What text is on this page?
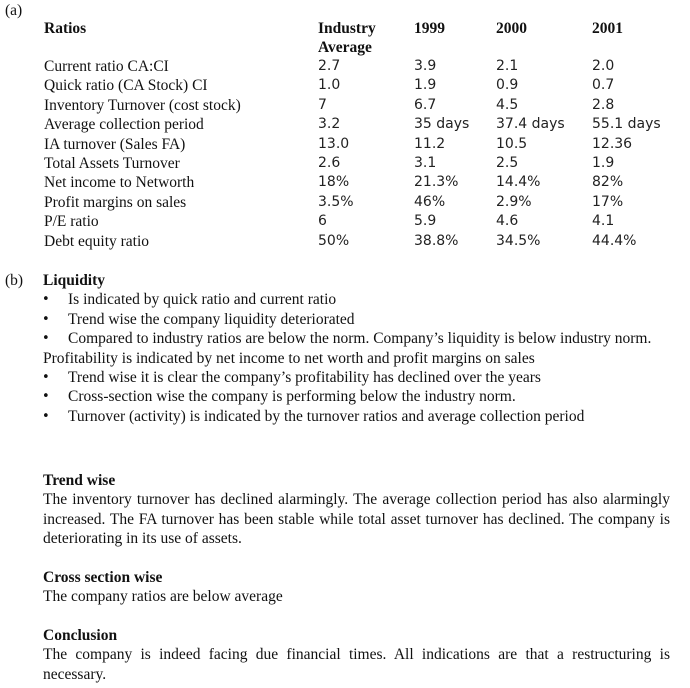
(a)
Ratios	Industry Average	1999	2000	2001
Current ratio CA:CI	2.7	3.9	2.1	2.0
Quick ratio (CA Stock) CI	1.0	1.9	0.9	0.7
Inventory Turnover (cost stock)	7	6.7	4.5	2.8
Average collection period	3.2	35 days	37.4 days	55.1 days
IA turnover (Sales FA)	13.0	11.2	10.5	12.36
Total Assets Turnover	2.6	3.1	2.5	1.9
Net income to Networth	18%	21.3%	14.4%	82%
Profit margins on sales	3.5%	46%	2.9%	17%
P/E ratio	6	5.9	4.6	4.1
Debt equity ratio	50%	38.8%	34.5%	44.4%
(b) Liquidity
• Is indicated by quick ratio and current ratio
• Trend wise the company liquidity deteriorated
• Compared to industry ratios are below the norm. Company’s liquidity is below industry norm.
Profitability is indicated by net income to net worth and profit margins on sales
• Trend wise it is clear the company’s profitability has declined over the years
• Cross-section wise the company is performing below the industry norm.
• Turnover (activity) is indicated by the turnover ratios and average collection period
Trend wise
The inventory turnover has declined alarmingly. The average collection period has also alarmingly increased. The FA turnover has been stable while total asset turnover has declined. The company is deteriorating in its use of assets.
Cross section wise
The company ratios are below average
Conclusion
The company is indeed facing due financial times. All indications are that a restructuring is necessary.
